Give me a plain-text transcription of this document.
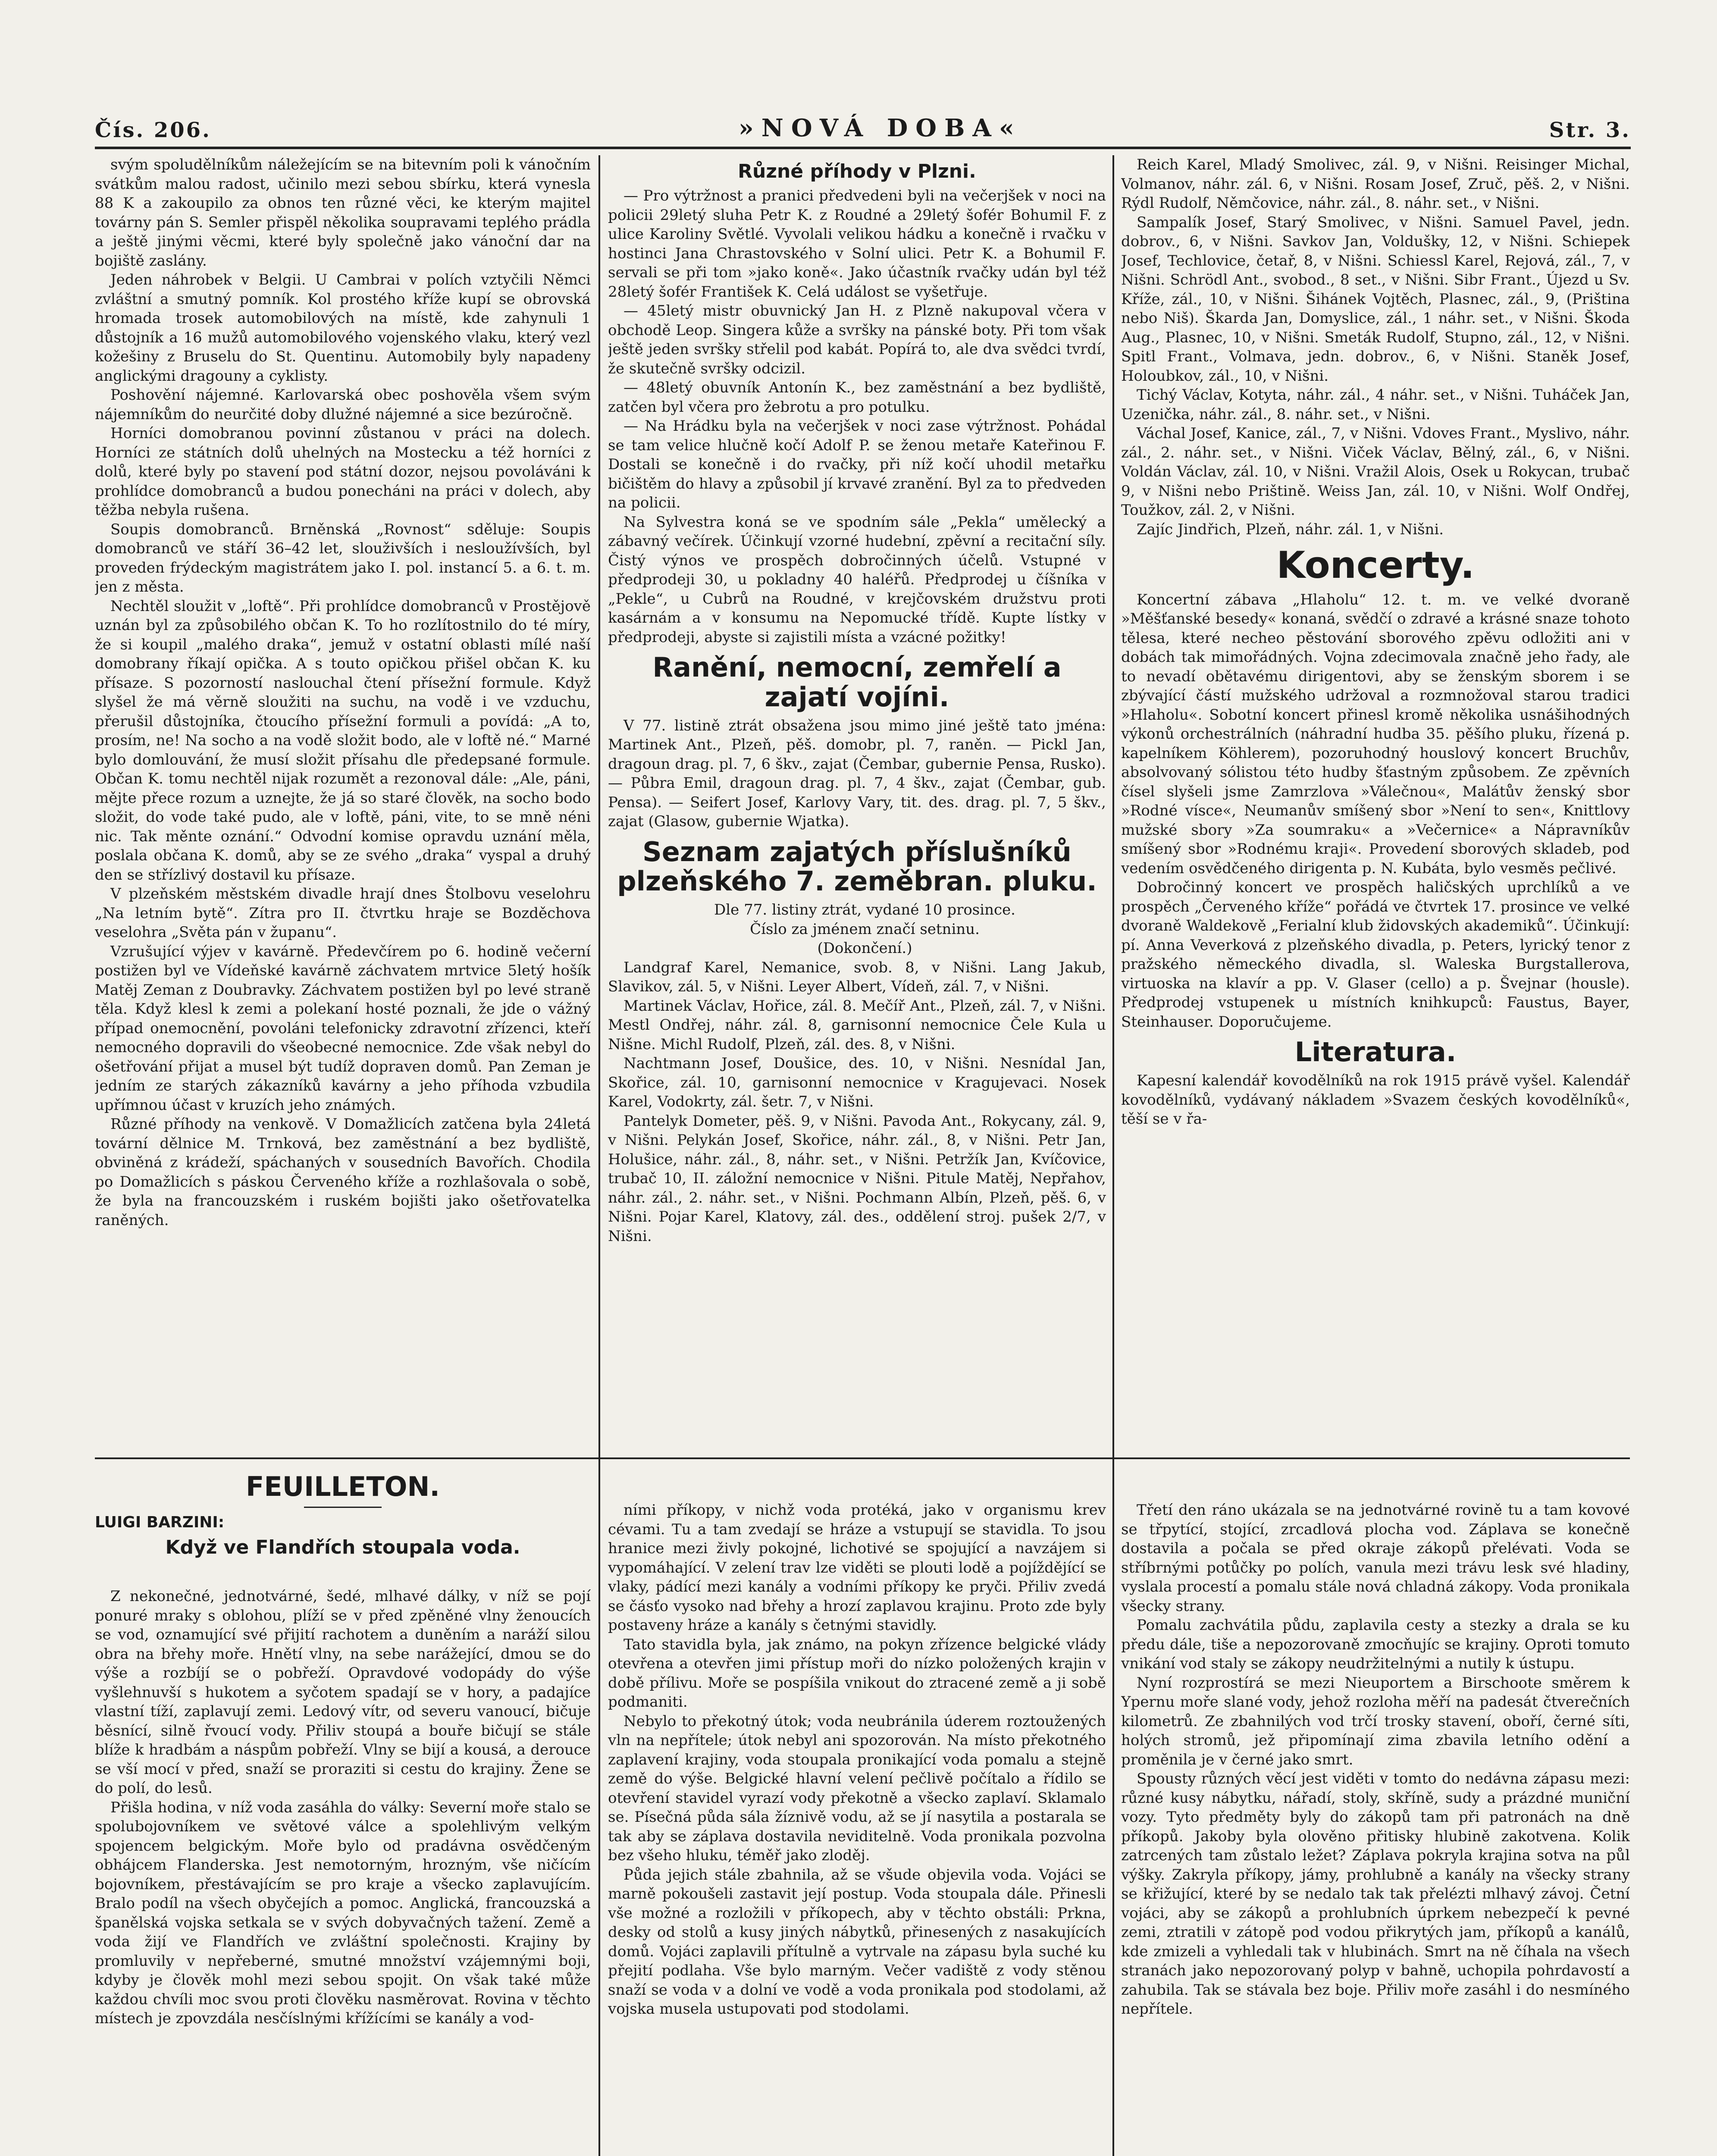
Čís. 206.	»NOVÁ DOBA«	Str. 3.

svým spoludělníkům náležejícím se na bitevním poli k vánočním svátkům malou radost, učinilo mezi sebou sbírku, která vynesla 88 K a zakoupilo za obnos ten různé věci, ke kterým majitel továrny pán S. Semler přispěl několika soupravami teplého prádla a ještě jinými věcmi, které byly společně jako vánoční dar na bojiště zaslány.

Jeden náhrobek v Belgii. U Cambrai v polích vztyčili Němci zvláštní a smutný pomník. Kol prostého kříže kupí se obrovská hromada trosek automobilových na místě, kde zahynuli 1 důstojník a 16 mužů automobilového vojenského vlaku, který vezl kožešiny z Bruselu do St. Quentinu. Automobily byly napadeny anglickými dragouny a cyklisty.

Poshovění nájemné. Karlovarská obec poshověla všem svým nájemníkům do neurčité doby dlužné nájemné a sice bezúročně.

Horníci domobranou povinní zůstanou v práci na dolech. Horníci ze státních dolů uhelných na Mostecku a též horníci z dolů, které byly po stavení pod státní dozor, nejsou povoláváni k prohlídce domobranců a budou ponecháni na práci v dolech, aby těžba nebyla rušena.

Soupis domobranců. Brněnská „Rovnost“ sděluje: Soupis domobranců ve stáří 36–42 let, slouživších i nesloužívších, byl proveden frýdeckým magistrátem jako I. pol. instancí 5. a 6. t. m. jen z města.

Nechtěl sloužit v „loftě“. Při prohlídce domobranců v Prostějově uznán byl za způsobilého občan K. To ho rozlítostnilo do té míry, že si koupil „malého draka“, jemuž v ostatní oblasti mílé naší domobrany říkají opička. A s touto opičkou přišel občan K. ku přísaze. S pozorností naslouchal čtení přísežní formule. Když slyšel že má věrně sloužiti na suchu, na vodě i ve vzduchu, přerušil důstojníka, čtoucího přísežní formuli a povídá: „A to, prosím, ne! Na socho a na vodě složit bodo, ale v loftě né.“ Marné bylo domlouvání, že musí složit přísahu dle předepsané formule. Občan K. tomu nechtěl nijak rozumět a rezonoval dále: „Ale, páni, mějte přece rozum a uznejte, že já so staré člověk, na socho bodo složit, do vode také pudo, ale v loftě, páni, vite, to se mně néni nic. Tak měnte oznání.“ Odvodní komise opravdu uznání měla, poslala občana K. domů, aby se ze svého „draka“ vyspal a druhý den se střízlivý dostavil ku přísaze.

V plzeňském městském divadle hrají dnes Štolbovu veselohru „Na letním bytě“. Zítra pro II. čtvrtku hraje se Bozděchova veselohra „Světa pán v županu“.

Vzrušující výjev v kavárně. Předevčírem po 6. hodině večerní postižen byl ve Vídeňské kavárně záchvatem mrtvice 5letý hošík Matěj Zeman z Doubravky. Záchvatem postižen byl po levé straně těla. Když klesl k zemi a polekaní hosté poznali, že jde o vážný případ onemocnění, povoláni telefonicky zdravotní zřízenci, kteří nemocného dopravili do všeobecné nemocnice. Zde však nebyl do ošetřování přijat a musel být tudíž dopraven domů. Pan Zeman je jedním ze starých zákazníků kavárny a jeho příhoda vzbudila upřímnou účast v kruzích jeho známých.

Různé příhody na venkově. V Domažlicích zatčena byla 24letá tovární dělnice M. Trnková, bez zaměstnání a bez bydliště, obviněná z krádeží, spáchaných v sousedních Bavořích. Chodila po Domažlicích s páskou Červeného kříže a rozhlašovala o sobě, že byla na francouzském i ruském bojišti jako ošetřovatelka raněných.

Různé příhody v Plzni.

— Pro výtržnost a pranici předvedeni byli na večerjšek v noci na policii 29letý sluha Petr K. z Roudné a 29letý šofér Bohumil F. z ulice Karoliny Světlé. Vyvolali velikou hádku a konečně i rvačku v hostinci Jana Chrastovského v Solní ulici. Petr K. a Bohumil F. servali se při tom »jako koně«. Jako účastník rvačky udán byl též 28letý šofér František K. Celá událost se vyšetřuje.

— 45letý mistr obuvnický Jan H. z Plzně nakupoval včera v obchodě Leop. Singera kůže a svršky na pánské boty. Při tom však ještě jeden svršky střelil pod kabát. Popírá to, ale dva svědci tvrdí, že skutečně svršky odcizil.

— 48letý obuvník Antonín K., bez zaměstnání a bez bydliště, zatčen byl včera pro žebrotu a pro potulku.

— Na Hrádku byla na večerjšek v noci zase výtržnost. Pohádal se tam velice hlučně kočí Adolf P. se ženou metaře Kateřinou F. Dostali se konečně i do rvačky, při níž kočí uhodil metařku bičištěm do hlavy a způsobil jí krvavé zranění. Byl za to předveden na policii.

Na Sylvestra koná se ve spodním sále „Pekla“ umělecký a zábavný večírek. Účinkují vzorné hudební, zpěvní a recitační síly. Čistý výnos ve prospěch dobročinných účelů. Vstupné v předprodeji 30, u pokladny 40 haléřů. Předprodej u číšníka v „Pekle“, u Cubrů na Roudné, v krejčovském družstvu proti kasárnám a v konsumu na Nepomucké třídě. Kupte lístky v předprodeji, abyste si zajistili místa a vzácné požitky!

Ranění, nemocní, zemřelí a zajatí vojíni.

V 77. listině ztrát obsažena jsou mimo jiné ještě tato jména: Martinek Ant., Plzeň, pěš. domobr, pl. 7, raněn. — Pickl Jan, dragoun drag. pl. 7, 6 škv., zajat (Čembar, gubernie Pensa, Rusko). — Půbra Emil, dragoun drag. pl. 7, 4 škv., zajat (Čembar, gub. Pensa). — Seifert Josef, Karlovy Vary, tit. des. drag. pl. 7, 5 škv., zajat (Glasow, gubernie Wjatka).

Seznam zajatých příslušníků plzeňského 7. zeměbran. pluku.

Dle 77. listiny ztrát, vydané 10 prosince.

Číslo za jménem značí setninu.

(Dokončení.)

Landgraf Karel, Nemanice, svob. 8, v Nišni. Lang Jakub, Slavikov, zál. 5, v Nišni. Leyer Albert, Vídeň, zál. 7, v Nišni.

Martinek Václav, Hořice, zál. 8. Mečíř Ant., Plzeň, zál. 7, v Nišni. Mestl Ondřej, náhr. zál. 8, garnisonní nemocnice Čele Kula u Nišne. Michl Rudolf, Plzeň, zál. des. 8, v Nišni.

Nachtmann Josef, Doušice, des. 10, v Nišni. Nesnídal Jan, Skořice, zál. 10, garnisonní nemocnice v Kragujevaci. Nosek Karel, Vodokrty, zál. šetr. 7, v Nišni.

Pantelyk Dometer, pěš. 9, v Nišni. Pavoda Ant., Rokycany, zál. 9, v Nišni. Pelykán Josef, Skořice, náhr. zál., 8, v Nišni. Petr Jan, Holušice, náhr. zál., 8, náhr. set., v Nišni. Petržík Jan, Kvíčovice, trubač 10, II. záložní nemocnice v Nišni. Pitule Matěj, Nepřahov, náhr. zál., 2. náhr. set., v Nišni. Pochmann Albín, Plzeň, pěš. 6, v Nišni. Pojar Karel, Klatovy, zál. des., oddělení stroj. pušek 2/7, v Nišni.

Reich Karel, Mladý Smolivec, zál. 9, v Nišni. Reisinger Michal, Volmanov, náhr. zál. 6, v Nišni. Rosam Josef, Zruč, pěš. 2, v Nišni. Rýdl Rudolf, Němčovice, náhr. zál., 8. náhr. set., v Nišni.

Sampalík Josef, Starý Smolivec, v Nišni. Samuel Pavel, jedn. dobrov., 6, v Nišni. Savkov Jan, Voldušky, 12, v Nišni. Schiepek Josef, Techlovice, četař, 8, v Nišni. Schiessl Karel, Rejová, zál., 7, v Nišni. Schrödl Ant., svobod., 8 set., v Nišni. Sibr Frant., Újezd u Sv. Kříže, zál., 10, v Nišni. Šihánek Vojtěch, Plasnec, zál., 9, (Priština nebo Niš). Škarda Jan, Domyslice, zál., 1 náhr. set., v Nišni. Škoda Aug., Plasnec, 10, v Nišni. Smeták Rudolf, Stupno, zál., 12, v Nišni. Spitl Frant., Volmava, jedn. dobrov., 6, v Nišni. Staněk Josef, Holoubkov, zál., 10, v Nišni.

Tichý Václav, Kotyta, náhr. zál., 4 náhr. set., v Nišni. Tuháček Jan, Uzenička, náhr. zál., 8. náhr. set., v Nišni.

Váchal Josef, Kanice, zál., 7, v Nišni. Vdoves Frant., Myslivo, náhr. zál., 2. náhr. set., v Nišni. Viček Václav, Bělný, zál., 6, v Nišni. Voldán Václav, zál. 10, v Nišni. Vražil Alois, Osek u Rokycan, trubač 9, v Nišni nebo Prištině. Weiss Jan, zál. 10, v Nišni. Wolf Ondřej, Toužkov, zál. 2, v Nišni.

Zajíc Jindřich, Plzeň, náhr. zál. 1, v Nišni.

Koncerty.

Koncertní zábava „Hlaholu“ 12. t. m. ve velké dvoraně »Měšťanské besedy« konaná, svědčí o zdravé a krásné snaze tohoto tělesa, které necheo pěstování sborového zpěvu odložiti ani v dobách tak mimořádných. Vojna zdecimovala značně jeho řady, ale to nevadí obětavému dirigentovi, aby se ženským sborem i se zbývající částí mužského udržoval a rozmnožoval starou tradici »Hlaholu«. Sobotní koncert přinesl kromě několika usnášihodných výkonů orchestrálních (náhradní hudba 35. pěšího pluku, řízená p. kapelníkem Köhlerem), pozoruhodný houslový koncert Bruchův, absolvovaný sólistou této hudby šťastným způsobem. Ze zpěvních čísel slyšeli jsme Zamrzlova »Válečnou«, Malátův ženský sbor »Rodné vísce«, Neumanův smíšený sbor »Není to sen«, Knittlovy mužské sbory »Za soumraku« a »Večernice« a Nápravníkův smíšený sbor »Rodnému kraji«. Provedení sborových skladeb, pod vedením osvědčeného dirigenta p. N. Kubáta, bylo vesměs pečlivé.

Dobročinný koncert ve prospěch haličských uprchlíků a ve prospěch „Červeného kříže“ pořádá ve čtvrtek 17. prosince ve velké dvoraně Waldekově „Ferialní klub židovských akademiků“. Účinkují: pí. Anna Veverková z plzeňského divadla, p. Peters, lyrický tenor z pražského německého divadla, sl. Waleska Burgstallerova, virtuoska na klavír a pp. V. Glaser (cello) a p. Švejnar (housle). Předprodej vstupenek u místních knihkupců: Faustus, Bayer, Steinhauser. Doporučujeme.

Literatura.

Kapesní kalendář kovodělníků na rok 1915 právě vyšel. Kalendář kovodělníků, vydávaný nákladem »Svazem českých kovodělníků«, těší se v řa-

FEUILLETON.
LUIGI BARZINI:
Když ve Flandřích stoupala voda.

Z nekonečné, jednotvárné, šedé, mlhavé dálky, v níž se pojí ponuré mraky s oblohou, plíží se v před zpěněné vlny ženoucích se vod, oznamující své přijití rachotem a duněním a naráží silou obra na břehy moře. Hnětí vlny, na sebe narážející, dmou se do výše a rozbíjí se o pobřeží. Opravdové vodopády do výše vyšlehnuvší s hukotem a syčotem spadají se v hory, a padajíce vlastní tíží, zaplavují zemi. Ledový vítr, od severu vanoucí, bičuje běsnící, silně řvoucí vody. Přiliv stoupá a bouře bičují se stále blíže k hradbám a náspům pobřeží. Vlny se bijí a kousá, a derouce se vší mocí v před, snaží se proraziti si cestu do krajiny. Žene se do polí, do lesů.

Přišla hodina, v níž voda zasáhla do války: Severní moře stalo se spolubojovníkem ve světové válce a spolehlivým velkým spojencem belgickým. Moře bylo od pradávna osvědčeným obhájcem Flanderska. Jest nemotorným, hrozným, vše ničícím bojovníkem, přestávajícím se pro kraje a všecko zaplavujícím. Bralo podíl na všech obyčejích a pomoc. Anglická, francouzská a španělská vojska setkala se v svých dobyvačných tažení. Země a voda žijí ve Flandřích ve zvláštní společnosti. Krajiny by promluvily v nepřeberné, smutné množství vzájemnými boji, kdyby je člověk mohl mezi sebou spojit. On však také může každou chvíli moc svou proti člověku nasměrovat. Rovina v těchto místech je zpovzdála nesčíslnými křížícími se kanály a vod-

ními příkopy, v nichž voda protéká, jako v organismu krev cévami. Tu a tam zvedají se hráze a vstupují se stavidla. To jsou hranice mezi živly pokojné, lichotivé se spojující a navzájem si vypomáhající. V zelení trav lze viděti se plouti lodě a pojíždějící se vlaky, pádící mezi kanály a vodními příkopy ke pryči. Přiliv zvedá se čásťo vysoko nad břehy a hrozí zaplavou krajinu. Proto zde byly postaveny hráze a kanály s četnými stavidly.

Tato stavidla byla, jak známo, na pokyn zřízence belgické vlády otevřena a otevřen jimi přístup moři do nízko položených krajin v době přílivu. Moře se pospíšila vnikout do ztracené země a ji sobě podmaniti.

Nebylo to překotný útok; voda neubránila úderem roztoužených vln na nepřítele; útok nebyl ani spozorován. Na místo překotného zaplavení krajiny, voda stoupala pronikající voda pomalu a stejně země do výše. Belgické hlavní velení pečlivě počítalo a řídilo se otevření stavidel vyrazí vody překotně a všecko zaplaví. Sklamalo se. Písečná půda sála žíznivě vodu, až se jí nasytila a postarala se tak aby se záplava dostavila neviditelně. Voda pronikala pozvolna bez všeho hluku, téměř jako zloděj.

Půda jejich stále zbahnila, až se všude objevila voda. Vojáci se marně pokoušeli zastavit její postup. Voda stoupala dále. Přinesli vše možné a rozložili v příkopech, aby v těchto obstáli: Prkna, desky od stolů a kusy jiných nábytků, přinesených z nasakujících domů. Vojáci zaplavili přítulně a vytrvale na zápasu byla suché ku přejití podlaha. Vše bylo marným. Večer vadiště z vody stěnou snaží se voda v a dolní ve vodě a voda pronikala pod stodolami, až vojska musela ustupovati pod stodolami.

Třetí den ráno ukázala se na jednotvárné rovině tu a tam kovové se třpytící, stojící, zrcadlová plocha vod. Záplava se konečně dostavila a počala se před okraje zákopů přelévati. Voda se stříbrnými potůčky po polích, vanula mezi trávu lesk své hladiny, vyslala procestí a pomalu stále nová chladná zákopy. Voda pronikala všecky strany.

Pomalu zachvátila půdu, zaplavila cesty a stezky a drala se ku předu dále, tiše a nepozorovaně zmocňujíc se krajiny. Oproti tomuto vnikání vod staly se zákopy neudržitelnými a nutily k ústupu.

Nyní rozprostírá se mezi Nieuportem a Birschoote směrem k Ypernu moře slané vody, jehož rozloha měří na padesát čtverečních kilometrů. Ze zbahnilých vod trčí trosky stavení, oboří, černé síti, holých stromů, jež připomínají zima zbavila letního odění a proměnila je v černé jako smrt.

Spousty různých věcí jest viděti v tomto do nedávna zápasu mezi: různé kusy nábytku, nářadí, stoly, skříně, sudy a prázdné muniční vozy. Tyto předměty byly do zákopů tam při patronách na dně příkopů. Jakoby byla olověno přitisky hlubině zakotvena. Kolik zatrcených tam zůstalo ležet? Záplava pokryla krajina sotva na půl výšky. Zakryla příkopy, jámy, prohlubně a kanály na všecky strany se křižující, které by se nedalo tak tak přelézti mlhavý závoj. Četní vojáci, aby se zákopů a prohlubních úprkem nebezpečí k pevné zemi, ztratili v zátopě pod vodou přikrytých jam, příkopů a kanálů, kde zmizeli a vyhledali tak v hlubinách. Smrt na ně číhala na všech stranách jako nepozorovaný polyp v bahně, uchopila pohrdavostí a zahubila. Tak se stávala bez boje. Přiliv moře zasáhl i do nesmíného nepřítele.
